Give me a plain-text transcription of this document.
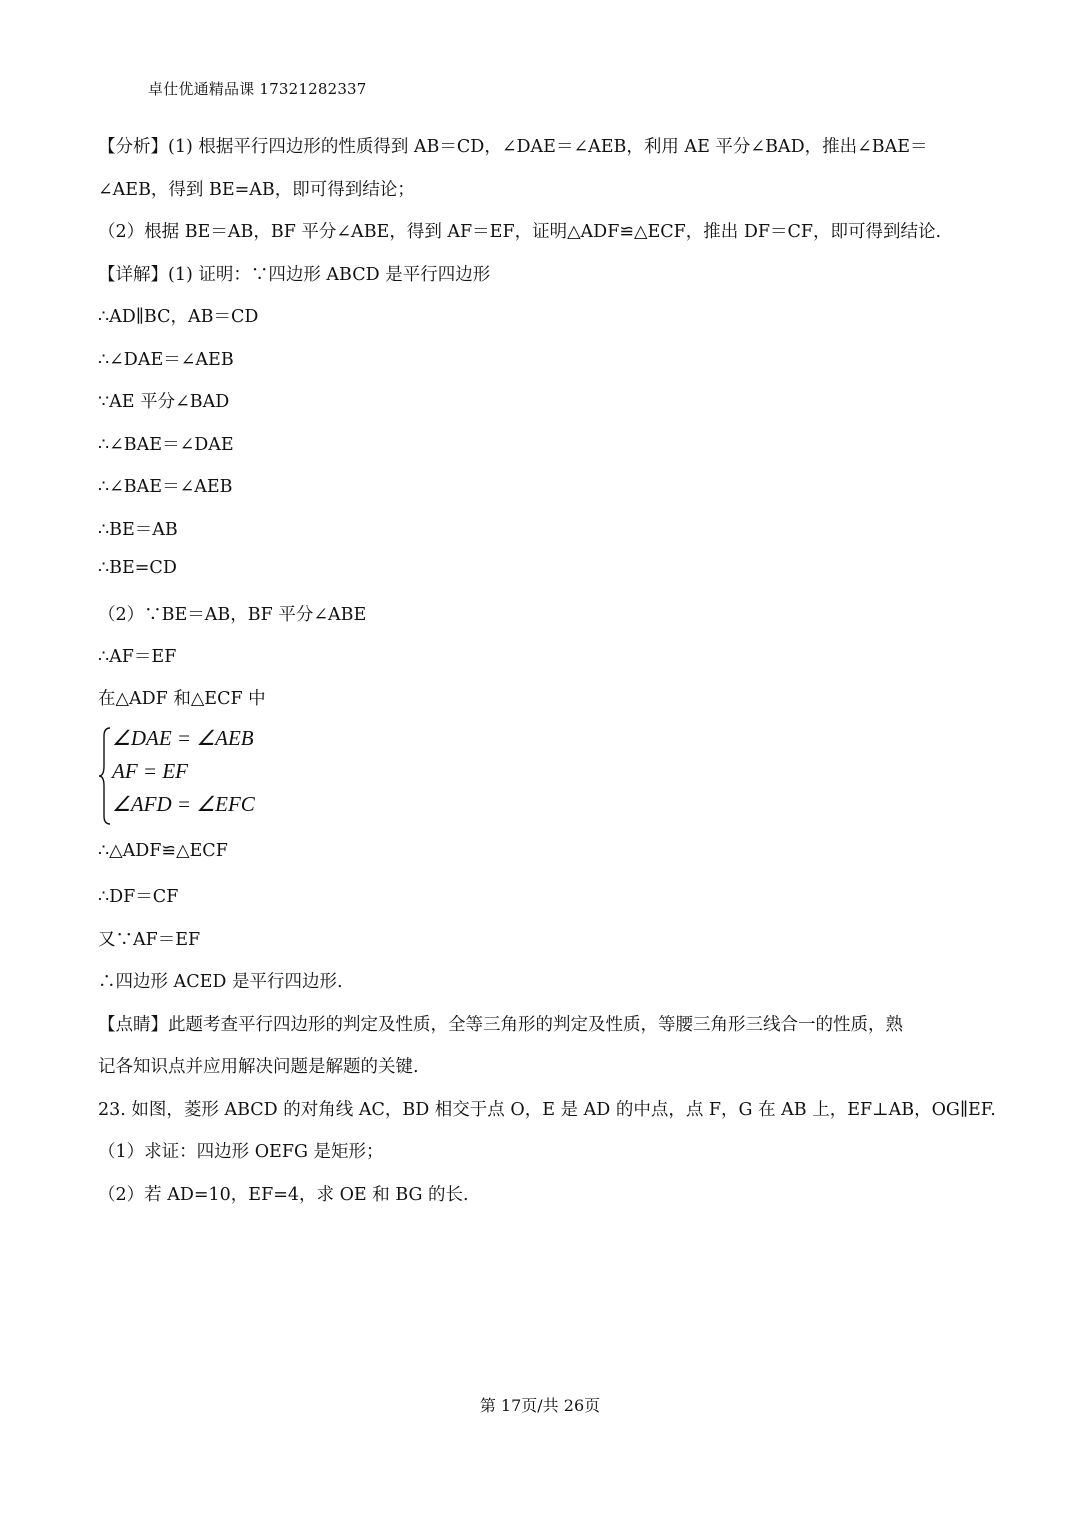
卓仕优通精品课 17321282337
【分析】(1) 根据平行四边形的性质得到 AB＝CD，∠DAE＝∠AEB，利用 AE 平分∠BAD，推出∠BAE＝
∠AEB，得到 BE=AB，即可得到结论；
（2）根据 BE＝AB，BF 平分∠ABE，得到 AF＝EF，证明△ADF≌△ECF，推出 DF＝CF，即可得到结论.
【详解】(1) 证明：∵四边形 ABCD 是平行四边形
∴AD∥BC，AB＝CD
∴∠DAE＝∠AEB
∵AE 平分∠BAD
∴∠BAE＝∠DAE
∴∠BAE＝∠AEB
∴BE＝AB
∴BE=CD
（2）∵BE＝AB，BF 平分∠ABE
∴AF＝EF
在△ADF 和△ECF 中
∠DAE = ∠AEB
AF = EF
∠AFD = ∠EFC
∴△ADF≌△ECF
∴DF＝CF
又∵AF＝EF
∴四边形 ACED 是平行四边形.
【点睛】此题考查平行四边形的判定及性质，全等三角形的判定及性质，等腰三角形三线合一的性质，熟
记各知识点并应用解决问题是解题的关键.
23. 如图，菱形 ABCD 的对角线 AC，BD 相交于点 O，E 是 AD 的中点，点 F，G 在 AB 上，EF⊥AB，OG∥EF.
（1）求证：四边形 OEFG 是矩形；
（2）若 AD=10，EF=4，求 OE 和 BG 的长.
第 17页/共 26页
